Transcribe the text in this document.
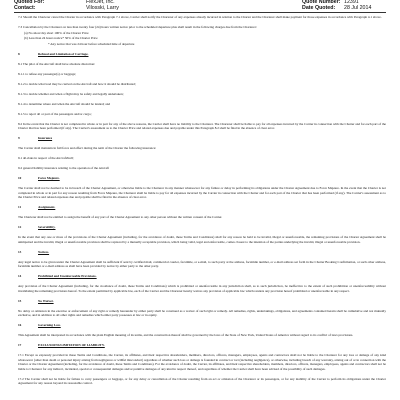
Quoted For:	FlexJet, Inc.	Quote Number: 12391
Contact:	Vilosski, Larry	Date Quoted: 28 Jul 2014

7.2 Should the Charterer cancel the Charter in accordance with Paragraph 7.1 above, Carrier shall notify the Charterer of any expenses already incurred in relation to the Charter and the Charterer shall make payment for those expenses in accordance with Paragraph 4.1 above.

7.3 Cancellation by the Charterer on less than twenty four (24) hours written notice prior to the scheduled departure plus shall result in the following charges due from the Charterer:

(a) No show/day short 100% of the Charter Price

(b) Less than 24 hours notice* 50% of the Charter Price

* Any notice that was 24 hour before scheduled time of departure

8	Refusal and Limitation of Carriage.

8.1 The pilot of the Aircraft shall have absolute discretion:

8.1.1 to refuse any passenger(s) or baggage;

8.1.2 to decide what load may be carried on the Aircraft and how it should be distributed;

8.1.3 to decide whether and when a flight may be safely and legally undertaken;

8.1.4 to determine where and when the Aircraft should be landed; and

8.1.5 to reject all or part of the passengers and/or cargo;

8.2 In the event that the Charter is not completed in whole or in part for any of the above reasons, the Carrier shall have no liability to the Charterer. The Charterer shall be liable to pay for all expenses incurred by the Carrier in connection with the Charter and for each part of the Charter that has been performed (if any). The Carrier's assessment as to the Charter Price and related expenses due and payable under this Paragraph 8.2 shall be final in the absence of clear error.

9	Insurance

The Carrier shall maintain in full force and effect during the term of the Charter the following insurance:

9.1 all-risks in respect of the Aircraft/hull;

9.2 general liability insurance relating to the operation of the Aircraft

10	Force Majeure.

The Carrier shall not be deemed to be in breach of the Charter Agreement, or otherwise liable to the Charterer in any manner whatsoever for any failure or delay in performing its obligations under the Charter Agreement due to Force Majeure. In the event that the Charter is not completed in whole or in part for any reason resulting from Force Majeure, the Charterer shall be liable to pay for all expenses incurred by the Carrier in connection with the Charter and for each part of the Charter that has been performed (if any). The Carrier's assessment as to the Charter Price and related expenses due and payable shall be final in the absence of clear error.

11	Assignment.

The Charterer shall not be entitled to assign the benefit of any part of the Charter Agreement to any other person without the written consent of the Carrier.

12	Severability.

In the event that any one or more of the provisions of the Charter Agreement (including, for the avoidance of doubt, these Terms and Conditions) shall for any reason be held to be invalid, illegal or unenforceable, the remaining provisions of the Charter Agreement shall be unimpaired and the invalid, illegal or unenforceable provision shall be replaced by a mutually acceptable provision, which being valid, legal and enforceable, comes closest to the intention of the parties underlying the invalid, illegal or unenforceable provision.

13	Notices.

Any legal notice to be given under the Charter Agreement shall be sufficient if sent by certified mail, commercial courier, facsimile, or e-mail, to such party at the address, facsimile number, or e-mail address set forth in the Charter Booking Confirmation, or such other address, facsimile number or e-mail address as shall have been provided by notice by either party to the other party.

14	Prohibited and Unenforceable Provisions.

Any provision of the Charter Agreement (including, for the avoidance of doubt, these Terms and Conditions) which is prohibited or unenforceable in any jurisdiction shall, as to such jurisdiction, be ineffective to the extent of such prohibition or unenforceability without invalidating the remaining provisions hereof. To the extent permitted by applicable law, each of the Carrier and the Charterer hereby waives any provision of applicable law which renders any provision hereof prohibited or unenforceable in any respect.

15	No Waiver.

No delay or omission in the exercise or enforcement of any right or remedy hereunder by either party shall be construed as a waiver of such right or remedy. All remedies, rights, undertakings, obligations, and agreements contained herein shall be cumulative and not mutually exclusive, and in addition to all other rights and remedies which either party possesses at law or in equity.

16	Governing Law.

This Agreement shall be interpreted in accordance with the plain English meaning of its terms, and the construction thereof shall be governed by the laws of the State of New York, United States of America without regard to its conflict of laws provisions.

17	EXCLUSIONS/LIMITATION OF LIABILITY.

17.1 Except as expressly provided in these Terms and Conditions, the Carrier, its affiliates, and their respective shareholders, members, directors, officers, managers, employees, agents and contractors shall not be liable to the Charterer for any loss or damage of any kind whatsoever (other than death or personal injury arising from negligence or willful misconduct) regardless of whether such loss or damage is founded in contract or tort (including negligence), or otherwise, including breach of any warranty, arising out of or in connection with the Charter or the Charter Agreement (including, for the avoidance of doubt, these Terms and Conditions). For the avoidance of doubt, the Carrier, its affiliates, and their respective shareholders, members, directors, officers, managers, employees, agents and contractors shall not be liable to Charterer for any indirect, incidental, special or consequential damages and/or punitive damages of any kind in respect thereof, and regardless of whether the Carrier shall have been advised of the possibility of such damages.

17.2 The Carrier shall not be liable for failure to carry passengers or baggage, or for any delay or cancellation of the Charter resulting from an act or omission of the Charterer or its passengers, or for any inability of the Carrier to perform its obligations under the Charter Agreement for any reason beyond its reasonable control.
